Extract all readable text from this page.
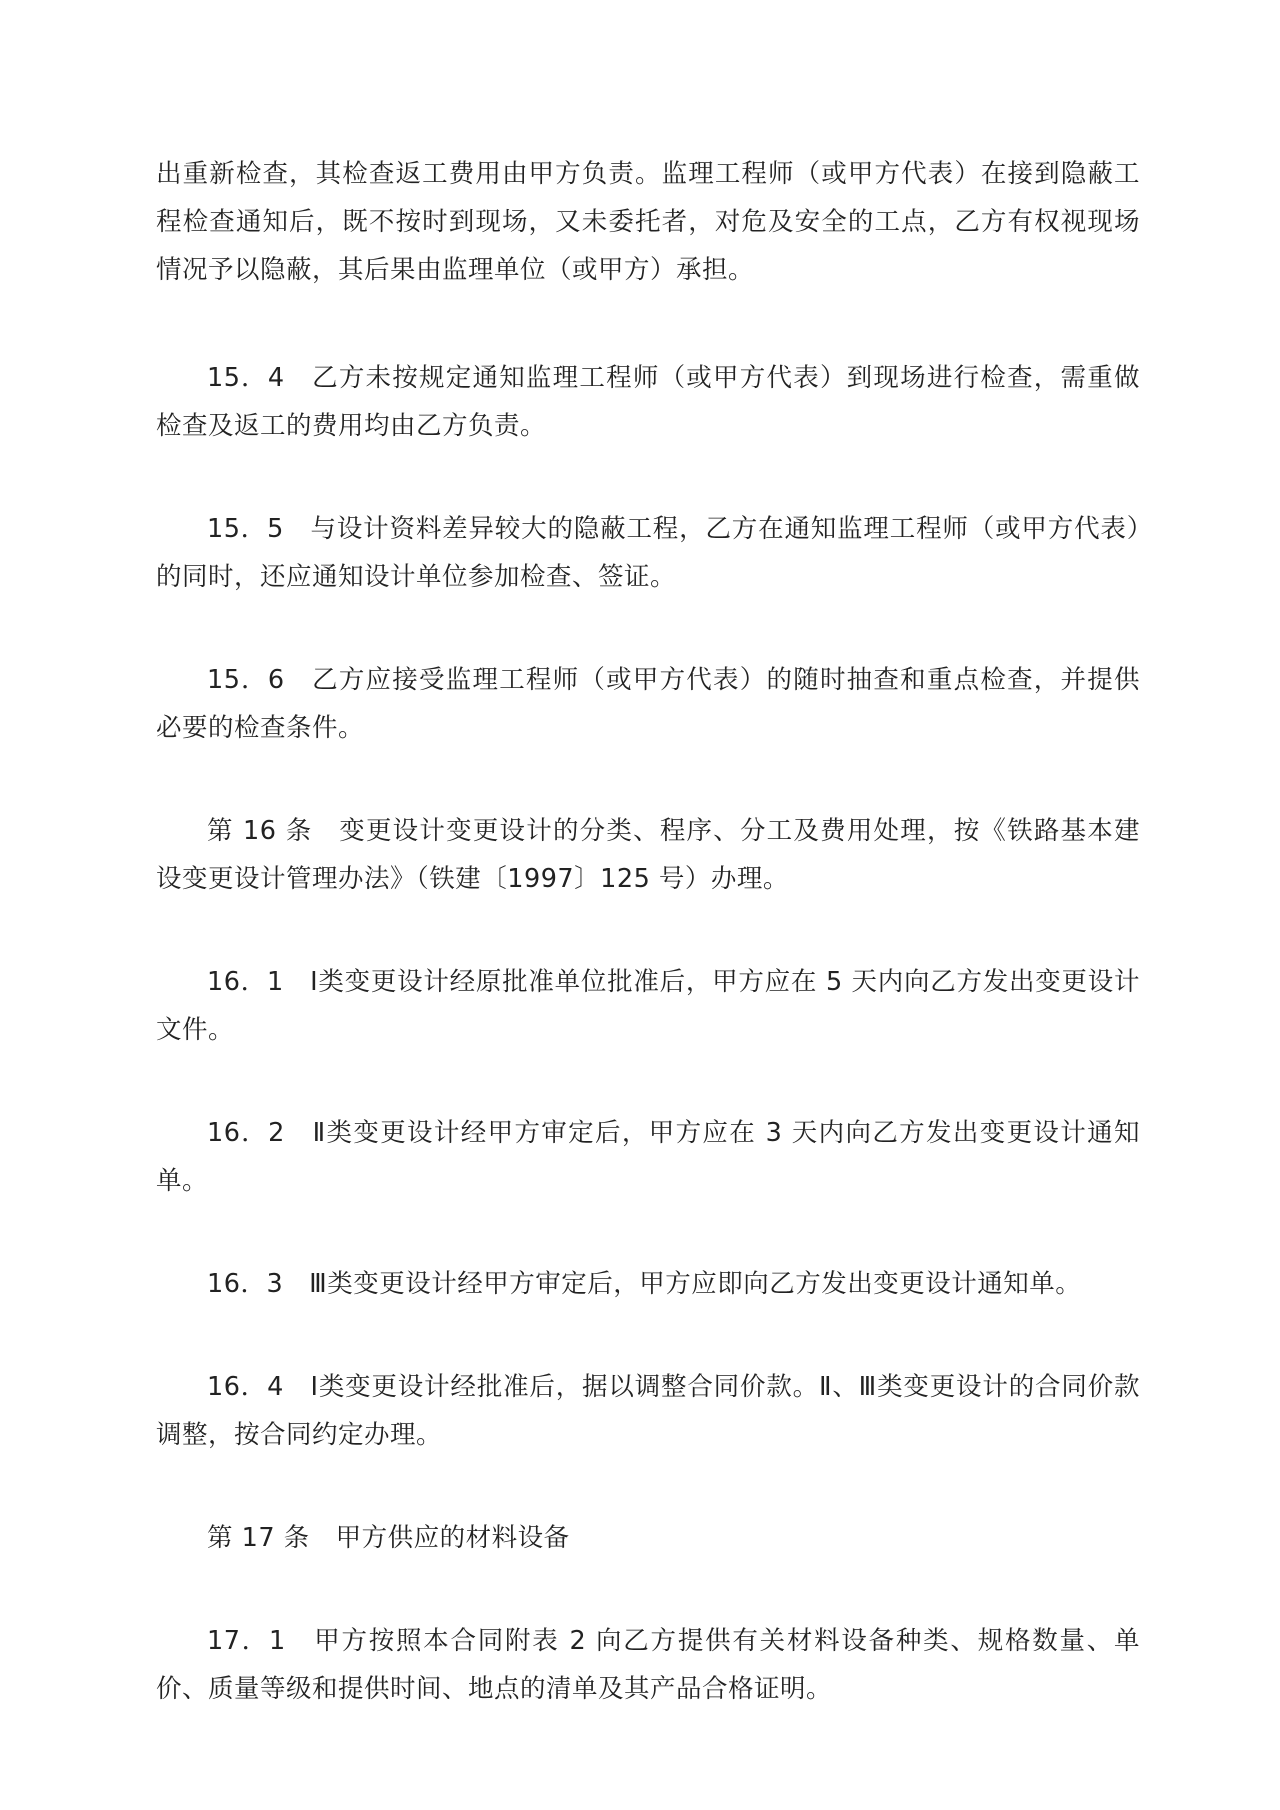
出重新检查，其检查返工费用由甲方负责。监理工程师（或甲方代表）在接到隐蔽工程检查通知后，既不按时到现场，又未委托者，对危及安全的工点，乙方有权视现场情况予以隐蔽，其后果由监理单位（或甲方）承担。

15．4　乙方未按规定通知监理工程师（或甲方代表）到现场进行检查，需重做检查及返工的费用均由乙方负责。

15．5　与设计资料差异较大的隐蔽工程，乙方在通知监理工程师（或甲方代表）的同时，还应通知设计单位参加检查、签证。

15．6　乙方应接受监理工程师（或甲方代表）的随时抽查和重点检查，并提供必要的检查条件。

第 16 条　变更设计变更设计的分类、程序、分工及费用处理，按《铁路基本建设变更设计管理办法》（铁建〔1997〕125 号）办理。

16．1　Ⅰ类变更设计经原批准单位批准后，甲方应在 5 天内向乙方发出变更设计文件。

16．2　Ⅱ类变更设计经甲方审定后，甲方应在 3 天内向乙方发出变更设计通知单。

16．3　Ⅲ类变更设计经甲方审定后，甲方应即向乙方发出变更设计通知单。

16．4　Ⅰ类变更设计经批准后，据以调整合同价款。Ⅱ、Ⅲ类变更设计的合同价款调整，按合同约定办理。

第 17 条　甲方供应的材料设备

17．1　甲方按照本合同附表 2 向乙方提供有关材料设备种类、规格数量、单价、质量等级和提供时间、地点的清单及其产品合格证明。
